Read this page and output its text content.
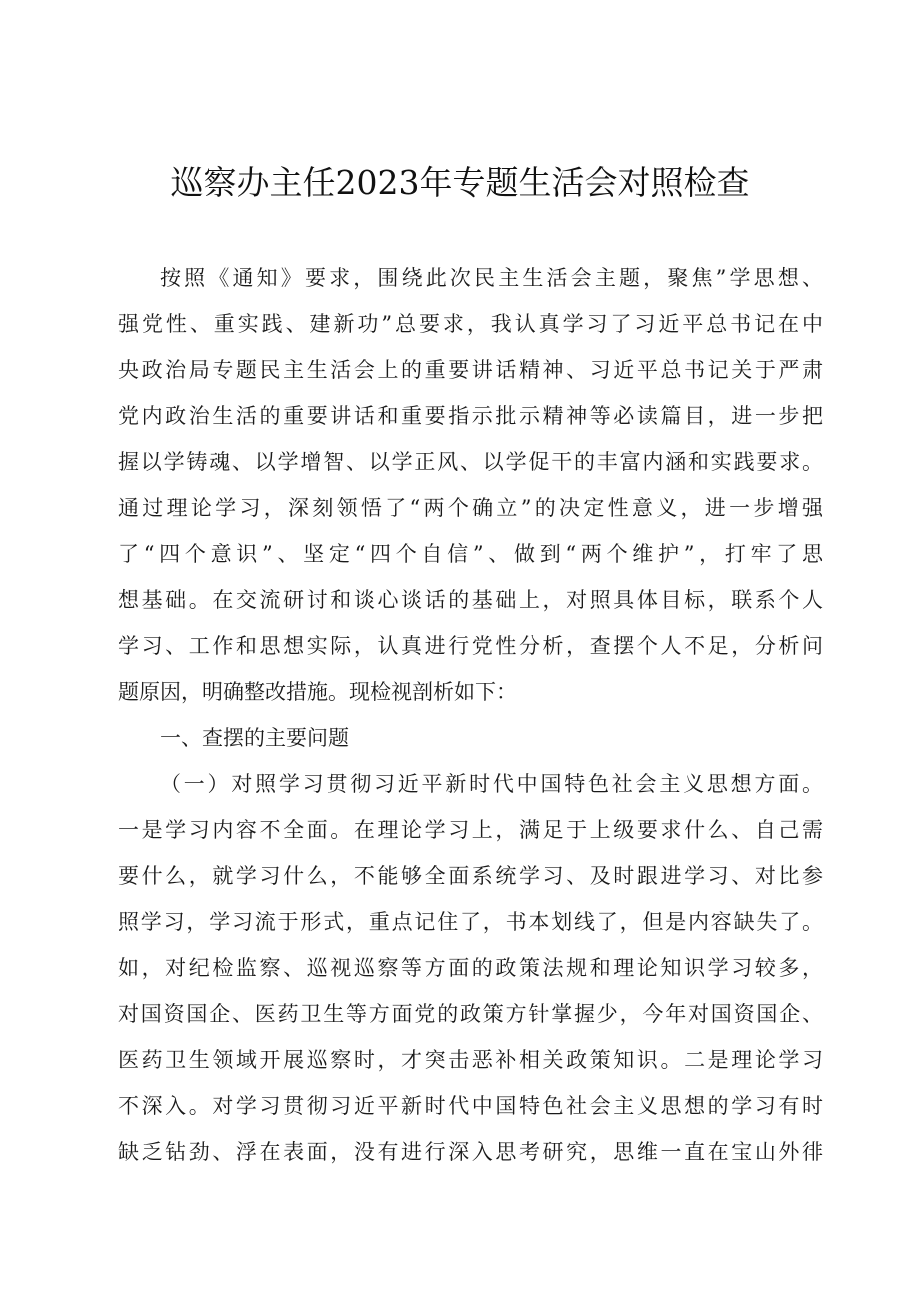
巡察办主任2023年专题生活会对照检查
按照《通知》要求，围绕此次民主生活会主题，聚焦”学思想、
强党性、重实践、建新功”总要求，我认真学习了习近平总书记在中
央政治局专题民主生活会上的重要讲话精神、习近平总书记关于严肃
党内政治生活的重要讲话和重要指示批示精神等必读篇目，进一步把
握以学铸魂、以学增智、以学正风、以学促干的丰富内涵和实践要求。
通过理论学习，深刻领悟了“两个确立”的决定性意义，进一步增强
了“四个意识”、坚定“四个自信”、做到“两个维护”，打牢了思
想基础。在交流研讨和谈心谈话的基础上，对照具体目标，联系个人
学习、工作和思想实际，认真进行党性分析，查摆个人不足，分析问
题原因，明确整改措施。现检视剖析如下：
一、查摆的主要问题
（一）对照学习贯彻习近平新时代中国特色社会主义思想方面。
一是学习内容不全面。在理论学习上，满足于上级要求什么、自己需
要什么，就学习什么，不能够全面系统学习、及时跟进学习、对比参
照学习，学习流于形式，重点记住了，书本划线了，但是内容缺失了。
如，对纪检监察、巡视巡察等方面的政策法规和理论知识学习较多，
对国资国企、医药卫生等方面党的政策方针掌握少，今年对国资国企、
医药卫生领域开展巡察时，才突击恶补相关政策知识。二是理论学习
不深入。对学习贯彻习近平新时代中国特色社会主义思想的学习有时
缺乏钻劲、浮在表面，没有进行深入思考研究，思维一直在宝山外徘
